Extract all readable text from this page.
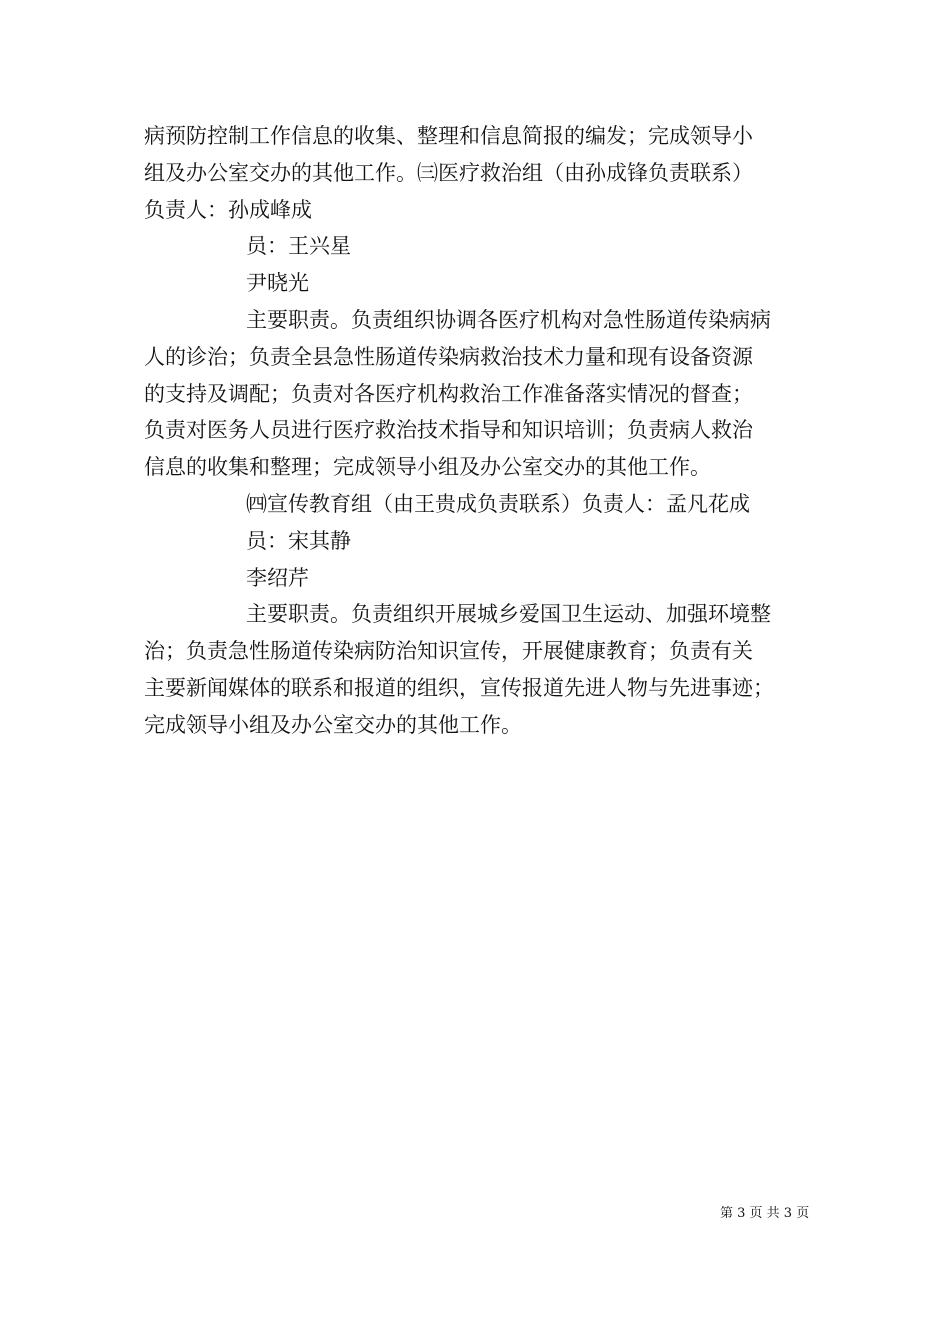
病预防控制工作信息的收集、整理和信息简报的编发；完成领导小
组及办公室交办的其他工作。㈢医疗救治组（由孙成锋负责联系）
负责人：孙成峰成
员：王兴星
尹晓光
主要职责。负责组织协调各医疗机构对急性肠道传染病病
人的诊治；负责全县急性肠道传染病救治技术力量和现有设备资源
的支持及调配；负责对各医疗机构救治工作准备落实情况的督查；
负责对医务人员进行医疗救治技术指导和知识培训；负责病人救治
信息的收集和整理；完成领导小组及办公室交办的其他工作。
㈣宣传教育组（由王贵成负责联系）负责人：孟凡花成
员：宋其静
李绍芹
主要职责。负责组织开展城乡爱国卫生运动、加强环境整
治；负责急性肠道传染病防治知识宣传，开展健康教育；负责有关
主要新闻媒体的联系和报道的组织，宣传报道先进人物与先进事迹；
完成领导小组及办公室交办的其他工作。
第 3 页 共 3 页
